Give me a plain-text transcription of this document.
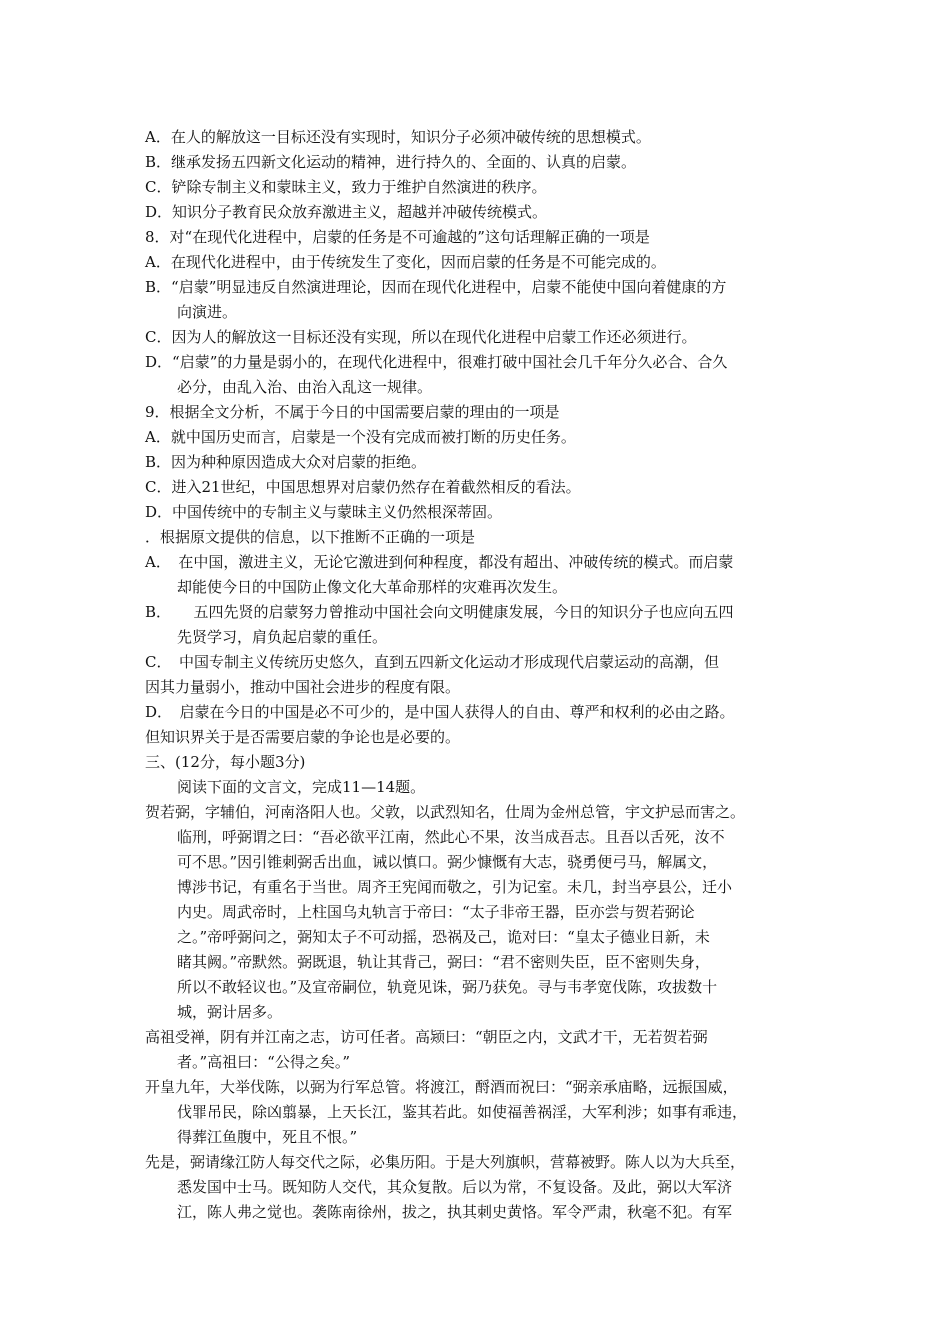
A．在人的解放这一目标还没有实现时，知识分子必须冲破传统的思想模式。
B．继承发扬五四新文化运动的精神，进行持久的、全面的、认真的启蒙。
C．铲除专制主义和蒙昧主义，致力于维护自然演进的秩序。
D．知识分子教育民众放弃激进主义，超越并冲破传统模式。
8．对“在现代化进程中，启蒙的任务是不可逾越的”这句话理解正确的一项是
A．在现代化进程中，由于传统发生了变化，因而启蒙的任务是不可能完成的。
B．“启蒙”明显违反自然演进理论，因而在现代化进程中，启蒙不能使中国向着健康的方
向演进。
C．因为人的解放这一目标还没有实现，所以在现代化进程中启蒙工作还必须进行。
D．“启蒙”的力量是弱小的，在现代化进程中，很难打破中国社会几千年分久必合、合久
必分，由乱入治、由治入乱这一规律。
9．根据全文分析，不属于今日的中国需要启蒙的理由的一项是
A．就中国历史而言，启蒙是一个没有完成而被打断的历史任务。
B．因为种种原因造成大众对启蒙的拒绝。
C．进入21世纪，中国思想界对启蒙仍然存在着截然相反的看法。
D．中国传统中的专制主义与蒙昧主义仍然根深蒂固。
．根据原文提供的信息，以下推断不正确的一项是
A．　在中国，激进主义，无论它激进到何种程度，都没有超出、冲破传统的模式。而启蒙
却能使今日的中国防止像文化大革命那样的灾难再次发生。
B．　　五四先贤的启蒙努力曾推动中国社会向文明健康发展，今日的知识分子也应向五四
先贤学习，肩负起启蒙的重任。
C．　中国专制主义传统历史悠久，直到五四新文化运动才形成现代启蒙运动的高潮，但
因其力量弱小，推动中国社会进步的程度有限。
D．　启蒙在今日的中国是必不可少的，是中国人获得人的自由、尊严和权利的必由之路。
但知识界关于是否需要启蒙的争论也是必要的。
三、(12分，每小题3分)
阅读下面的文言文，完成11—14题。
贺若弼，字辅伯，河南洛阳人也。父敦，以武烈知名，仕周为金州总管，宇文护忌而害之。
临刑，呼弼谓之曰：“吾必欲平江南，然此心不果，汝当成吾志。且吾以舌死，汝不
可不思。”因引锥刺弼舌出血，诫以慎口。弼少慷慨有大志，骁勇便弓马，解属文，
博涉书记，有重名于当世。周齐王宪闻而敬之，引为记室。未几，封当亭县公，迁小
内史。周武帝时，上柱国乌丸轨言于帝曰：“太子非帝王器，臣亦尝与贺若弼论
之。”帝呼弼问之，弼知太子不可动摇，恐祸及己，诡对曰：“皇太子德业日新，未
睹其阙。”帝默然。弼既退，轨让其背己，弼曰：“君不密则失臣，臣不密则失身，
所以不敢轻议也。”及宣帝嗣位，轨竟见诛，弼乃获免。寻与韦孝宽伐陈，攻拔数十
城，弼计居多。
高祖受禅，阴有并江南之志，访可任者。高颎曰：“朝臣之内，文武才干，无若贺若弼
者。”高祖曰：“公得之矣。”
开皇九年，大举伐陈，以弼为行军总管。将渡江，酹酒而祝曰：“弼亲承庙略，远振国威，
伐罪吊民，除凶翦暴，上天长江，鉴其若此。如使福善祸淫，大军利涉；如事有乖违，
得葬江鱼腹中，死且不恨。”
先是，弼请缘江防人每交代之际，必集历阳。于是大列旗帜，营幕被野。陈人以为大兵至，
悉发国中士马。既知防人交代，其众复散。后以为常，不复设备。及此，弼以大军济
江，陈人弗之觉也。袭陈南徐州，拔之，执其刺史黄恪。军令严肃，秋毫不犯。有军
